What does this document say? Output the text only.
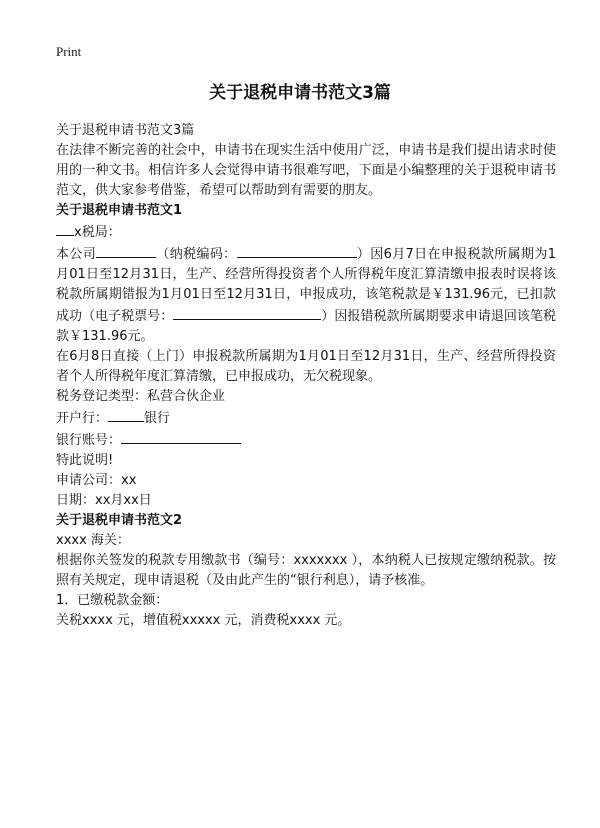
Print
关于退税申请书范文3篇

关于退税申请书范文3篇

在法律不断完善的社会中，申请书在现实生活中使用广泛，申请书是我们提出请求时使用的一种文书。相信许多人会觉得申请书很难写吧，下面是小编整理的关于退税申请书范文，供大家参考借鉴，希望可以帮助到有需要的朋友。

关于退税申请书范文1

x税局：

本公司	（纳税编码：	）因6月7日在申报税款所属期为1月01日至12月31日，生产、经营所得投资者个人所得税年度汇算清缴申报表时误将该税款所属期错报为1月01日至12月31日，申报成功，该笔税款是￥131.96元，已扣款成功（电子税票号：	）因报错税款所属期要求申请退回该笔税款￥131.96元。

在6月8日直接（上门）申报税款所属期为1月01日至12月31日，生产、经营所得投资者个人所得税年度汇算清缴，已申报成功，无欠税现象。

税务登记类型：私营合伙企业

开户行：	银行

银行账号：

特此说明!

申请公司：xx

日期：xx月xx日

关于退税申请书范文2

xxxx 海关：

根据你关签发的税款专用缴款书（编号：xxxxxxx ），本纳税人已按规定缴纳税款。按照有关规定，现申请退税（及由此产生的“银行利息），请予核准。

1．已缴税款金额：

关税xxxx 元，增值税xxxxx 元，消费税xxxx 元。
